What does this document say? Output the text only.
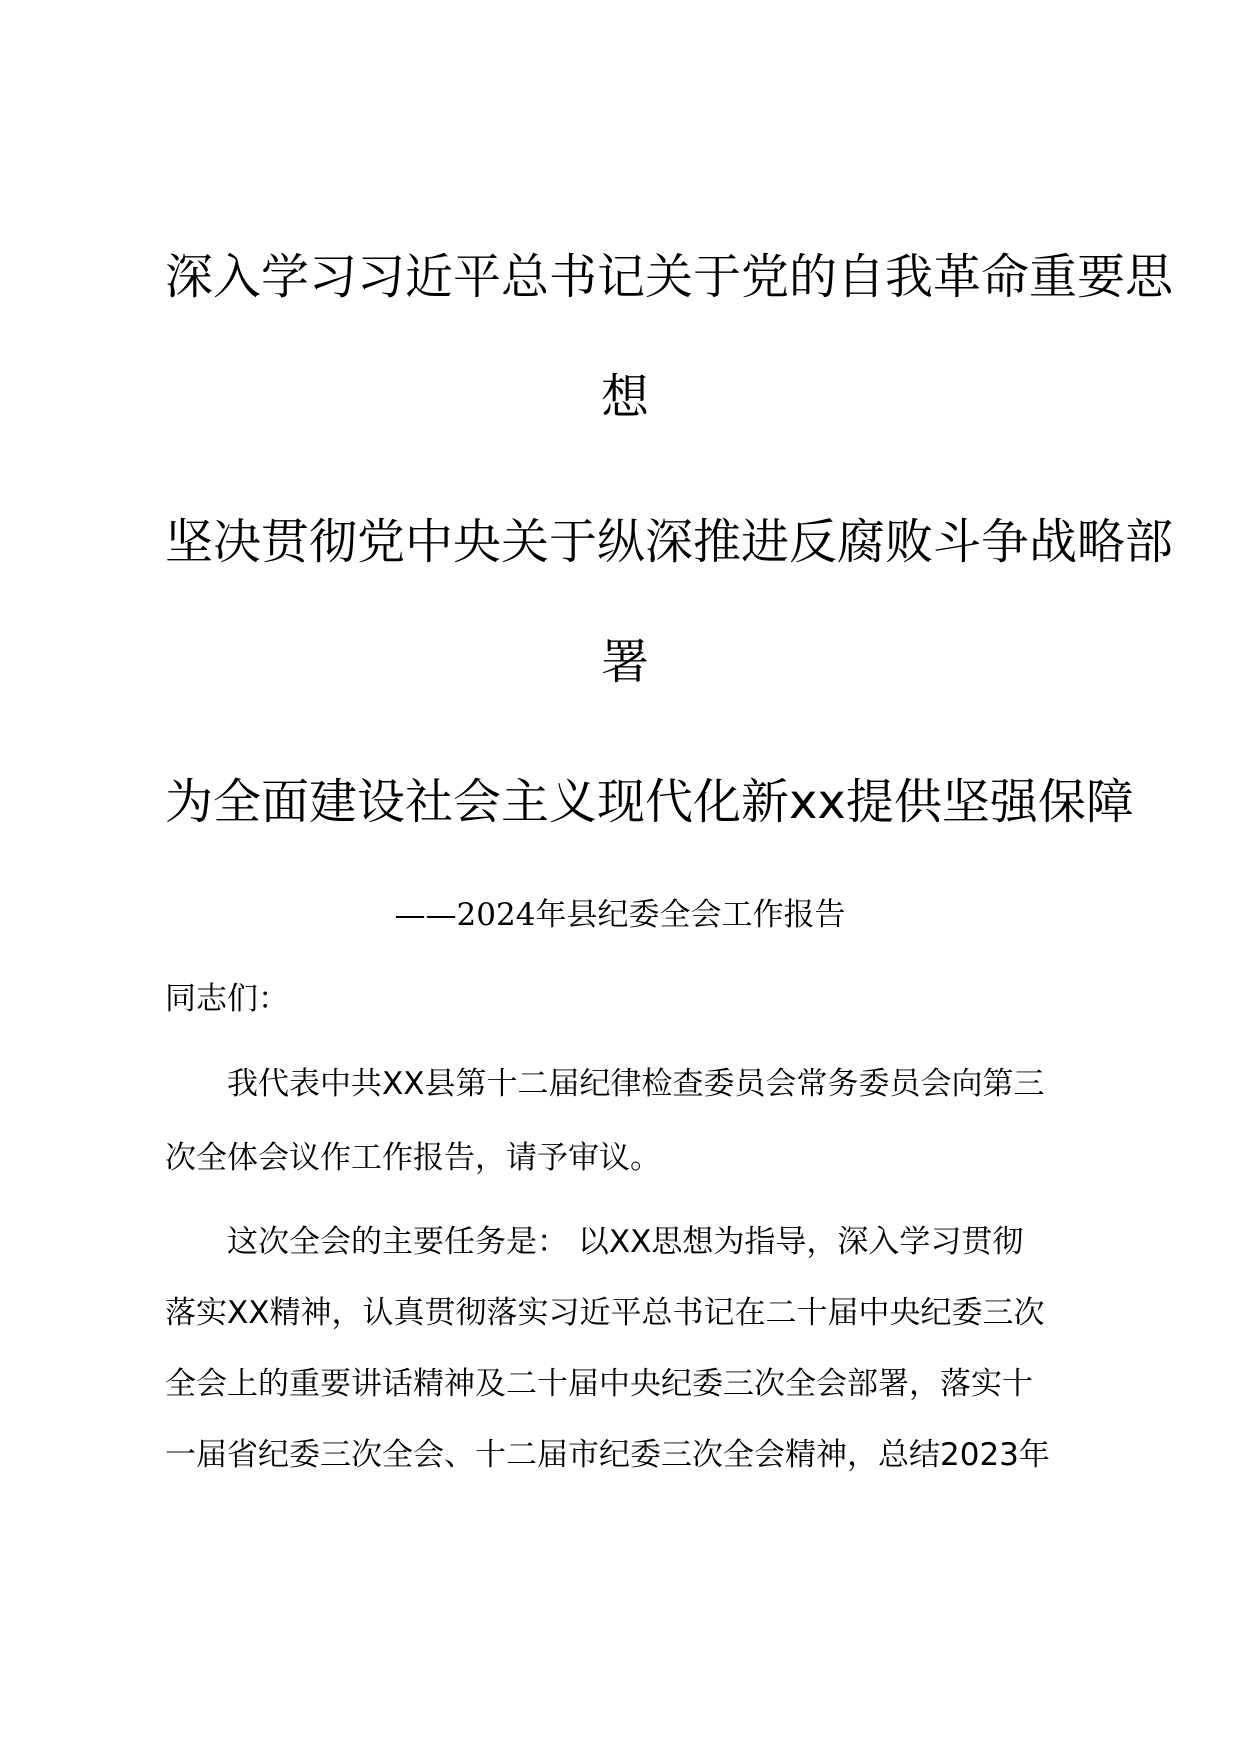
深入学习习近平总书记关于党的自我革命重要思
想
坚决贯彻党中央关于纵深推进反腐败斗争战略部
署
为全面建设社会主义现代化新xx提供坚强保障
——2024年县纪委全会工作报告
同志们：
　　我代表中共XX县第十二届纪律检查委员会常务委员会向第三
次全体会议作工作报告，请予审议。
　　这次全会的主要任务是： 以XX思想为指导，深入学习贯彻
落实XX精神，认真贯彻落实习近平总书记在二十届中央纪委三次
全会上的重要讲话精神及二十届中央纪委三次全会部署，落实十
一届省纪委三次全会、十二届市纪委三次全会精神，总结2023年
